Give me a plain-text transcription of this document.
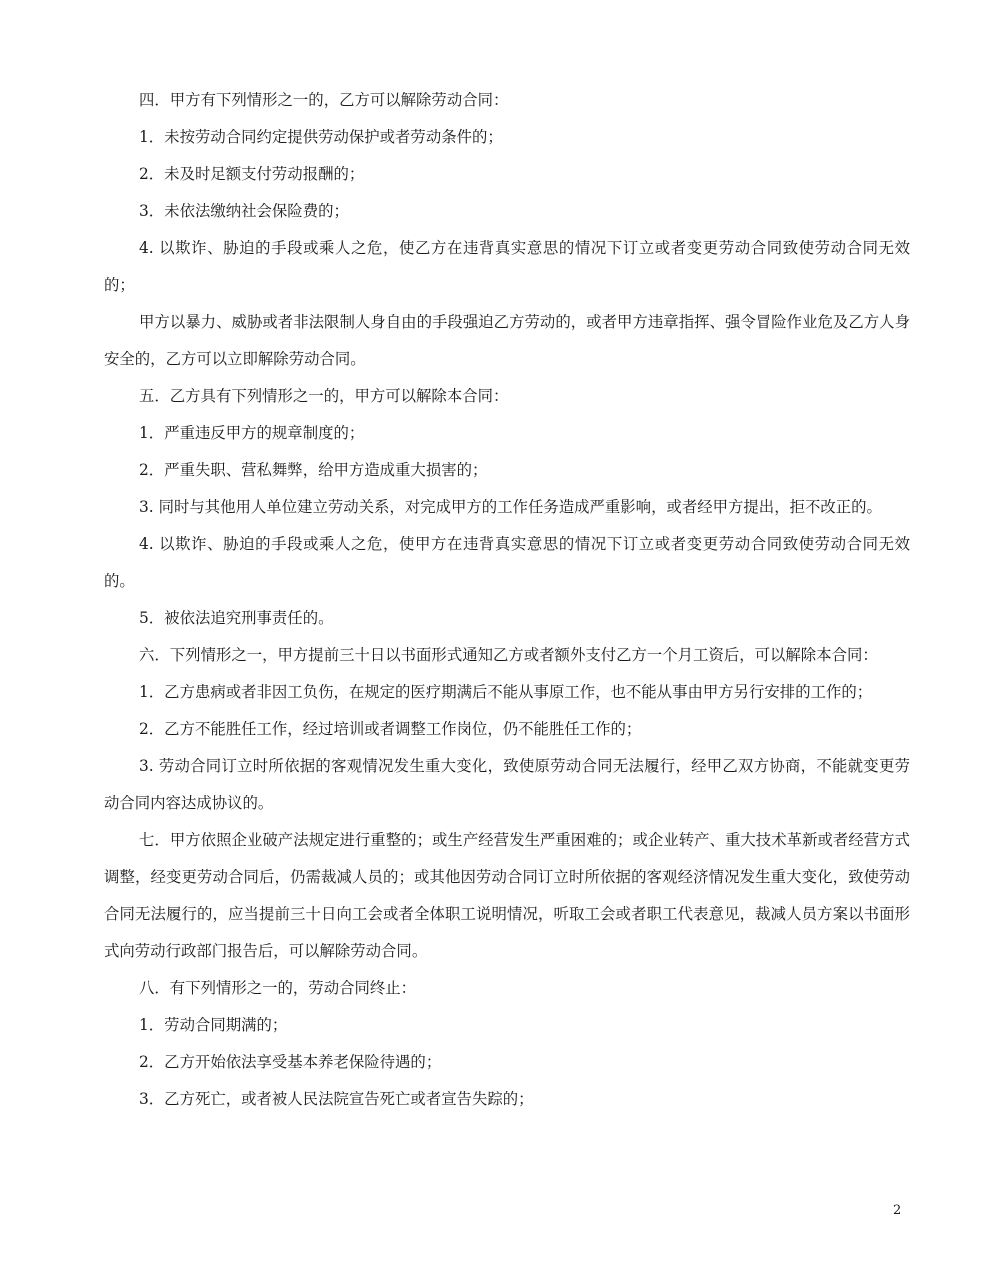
四．甲方有下列情形之一的，乙方可以解除劳动合同：

1．未按劳动合同约定提供劳动保护或者劳动条件的；

2．未及时足额支付劳动报酬的；

3．未依法缴纳社会保险费的；

4. 以欺诈、胁迫的手段或乘人之危，使乙方在违背真实意思的情况下订立或者变更劳动合同致使劳动合同无效的；

甲方以暴力、威胁或者非法限制人身自由的手段强迫乙方劳动的，或者甲方违章指挥、强令冒险作业危及乙方人身安全的，乙方可以立即解除劳动合同。

五．乙方具有下列情形之一的，甲方可以解除本合同：

1．严重违反甲方的规章制度的；

2．严重失职、营私舞弊，给甲方造成重大损害的；

3. 同时与其他用人单位建立劳动关系，对完成甲方的工作任务造成严重影响，或者经甲方提出，拒不改正的。

4. 以欺诈、胁迫的手段或乘人之危，使甲方在违背真实意思的情况下订立或者变更劳动合同致使劳动合同无效的。

5．被依法追究刑事责任的。

六．下列情形之一，甲方提前三十日以书面形式通知乙方或者额外支付乙方一个月工资后，可以解除本合同：

1．乙方患病或者非因工负伤，在规定的医疗期满后不能从事原工作，也不能从事由甲方另行安排的工作的；

2．乙方不能胜任工作，经过培训或者调整工作岗位，仍不能胜任工作的；

3. 劳动合同订立时所依据的客观情况发生重大变化，致使原劳动合同无法履行，经甲乙双方协商，不能就变更劳动合同内容达成协议的。

七．甲方依照企业破产法规定进行重整的；或生产经营发生严重困难的；或企业转产、重大技术革新或者经营方式调整，经变更劳动合同后，仍需裁减人员的；或其他因劳动合同订立时所依据的客观经济情况发生重大变化，致使劳动合同无法履行的，应当提前三十日向工会或者全体职工说明情况，听取工会或者职工代表意见，裁减人员方案以书面形式向劳动行政部门报告后，可以解除劳动合同。

八．有下列情形之一的，劳动合同终止：

1．劳动合同期满的；

2．乙方开始依法享受基本养老保险待遇的；

3．乙方死亡，或者被人民法院宣告死亡或者宣告失踪的；

2
